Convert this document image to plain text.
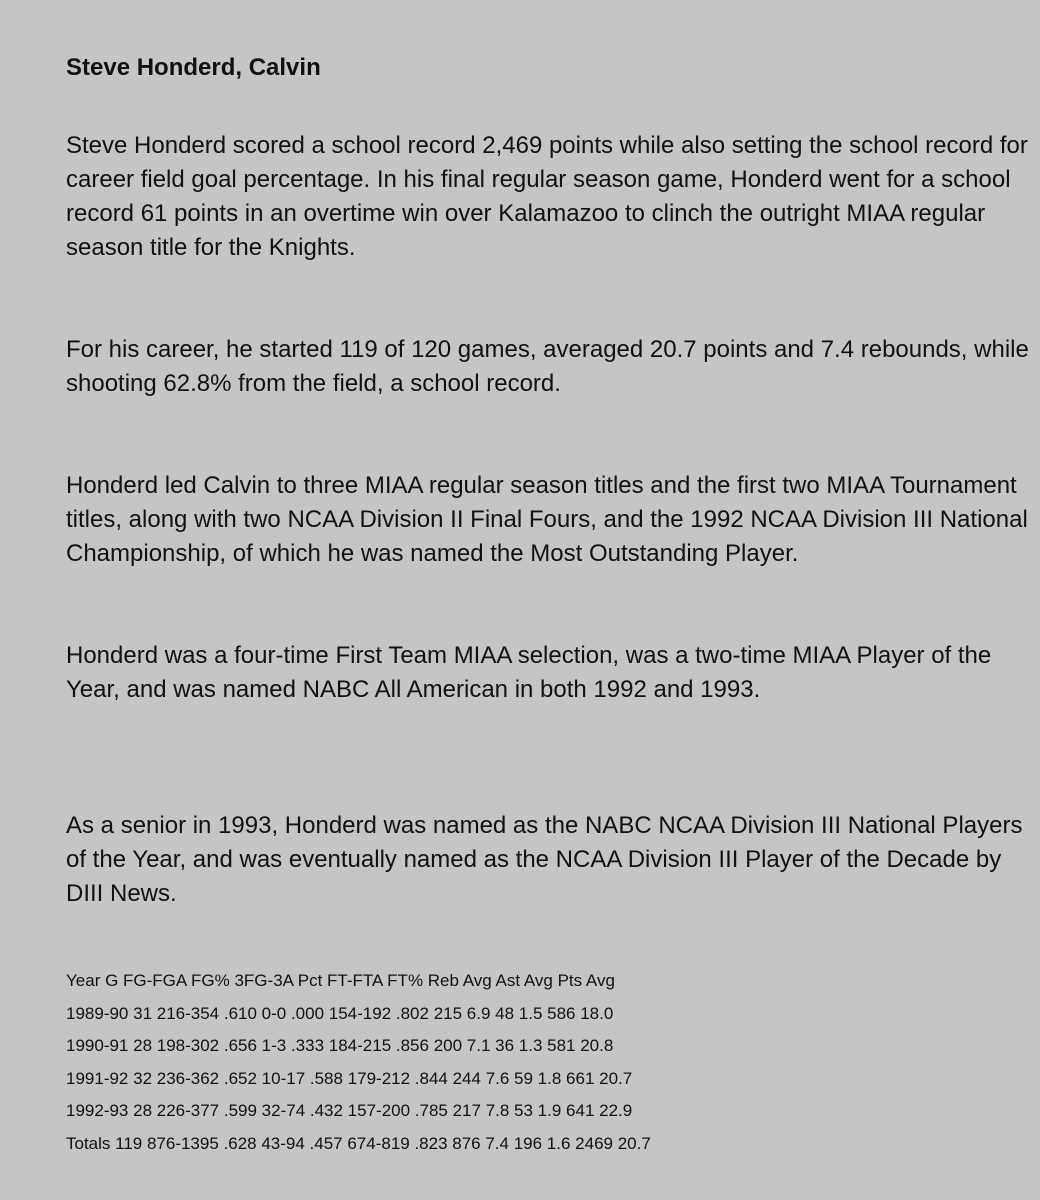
Steve Honderd, Calvin

Steve Honderd scored a school record 2,469 points while also setting the school record for career field goal percentage. In his final regular season game, Honderd went for a school record 61 points in an overtime win over Kalamazoo to clinch the outright MIAA regular season title for the Knights.

For his career, he started 119 of 120 games, averaged 20.7 points and 7.4 rebounds, while shooting 62.8% from the field, a school record.

Honderd led Calvin to three MIAA regular season titles and the first two MIAA Tournament titles, along with two NCAA Division II Final Fours, and the 1992 NCAA Division III National Championship, of which he was named the Most Outstanding Player.

Honderd was a four-time First Team MIAA selection, was a two-time MIAA Player of the Year, and was named NABC All American in both 1992 and 1993.

As a senior in 1993, Honderd was named as the NABC NCAA Division III National Players of the Year, and was eventually named as the NCAA Division III Player of the Decade by DIII News.

Year G FG-FGA FG% 3FG-3A Pct FT-FTA FT% Reb Avg Ast Avg Pts Avg
1989-90 31 216-354 .610 0-0 .000 154-192 .802 215 6.9 48 1.5 586 18.0
1990-91 28 198-302 .656 1-3 .333 184-215 .856 200 7.1 36 1.3 581 20.8
1991-92 32 236-362 .652 10-17 .588 179-212 .844 244 7.6 59 1.8 661 20.7
1992-93 28 226-377 .599 32-74 .432 157-200 .785 217 7.8 53 1.9 641 22.9
Totals 119 876-1395 .628 43-94 .457 674-819 .823 876 7.4 196 1.6 2469 20.7
